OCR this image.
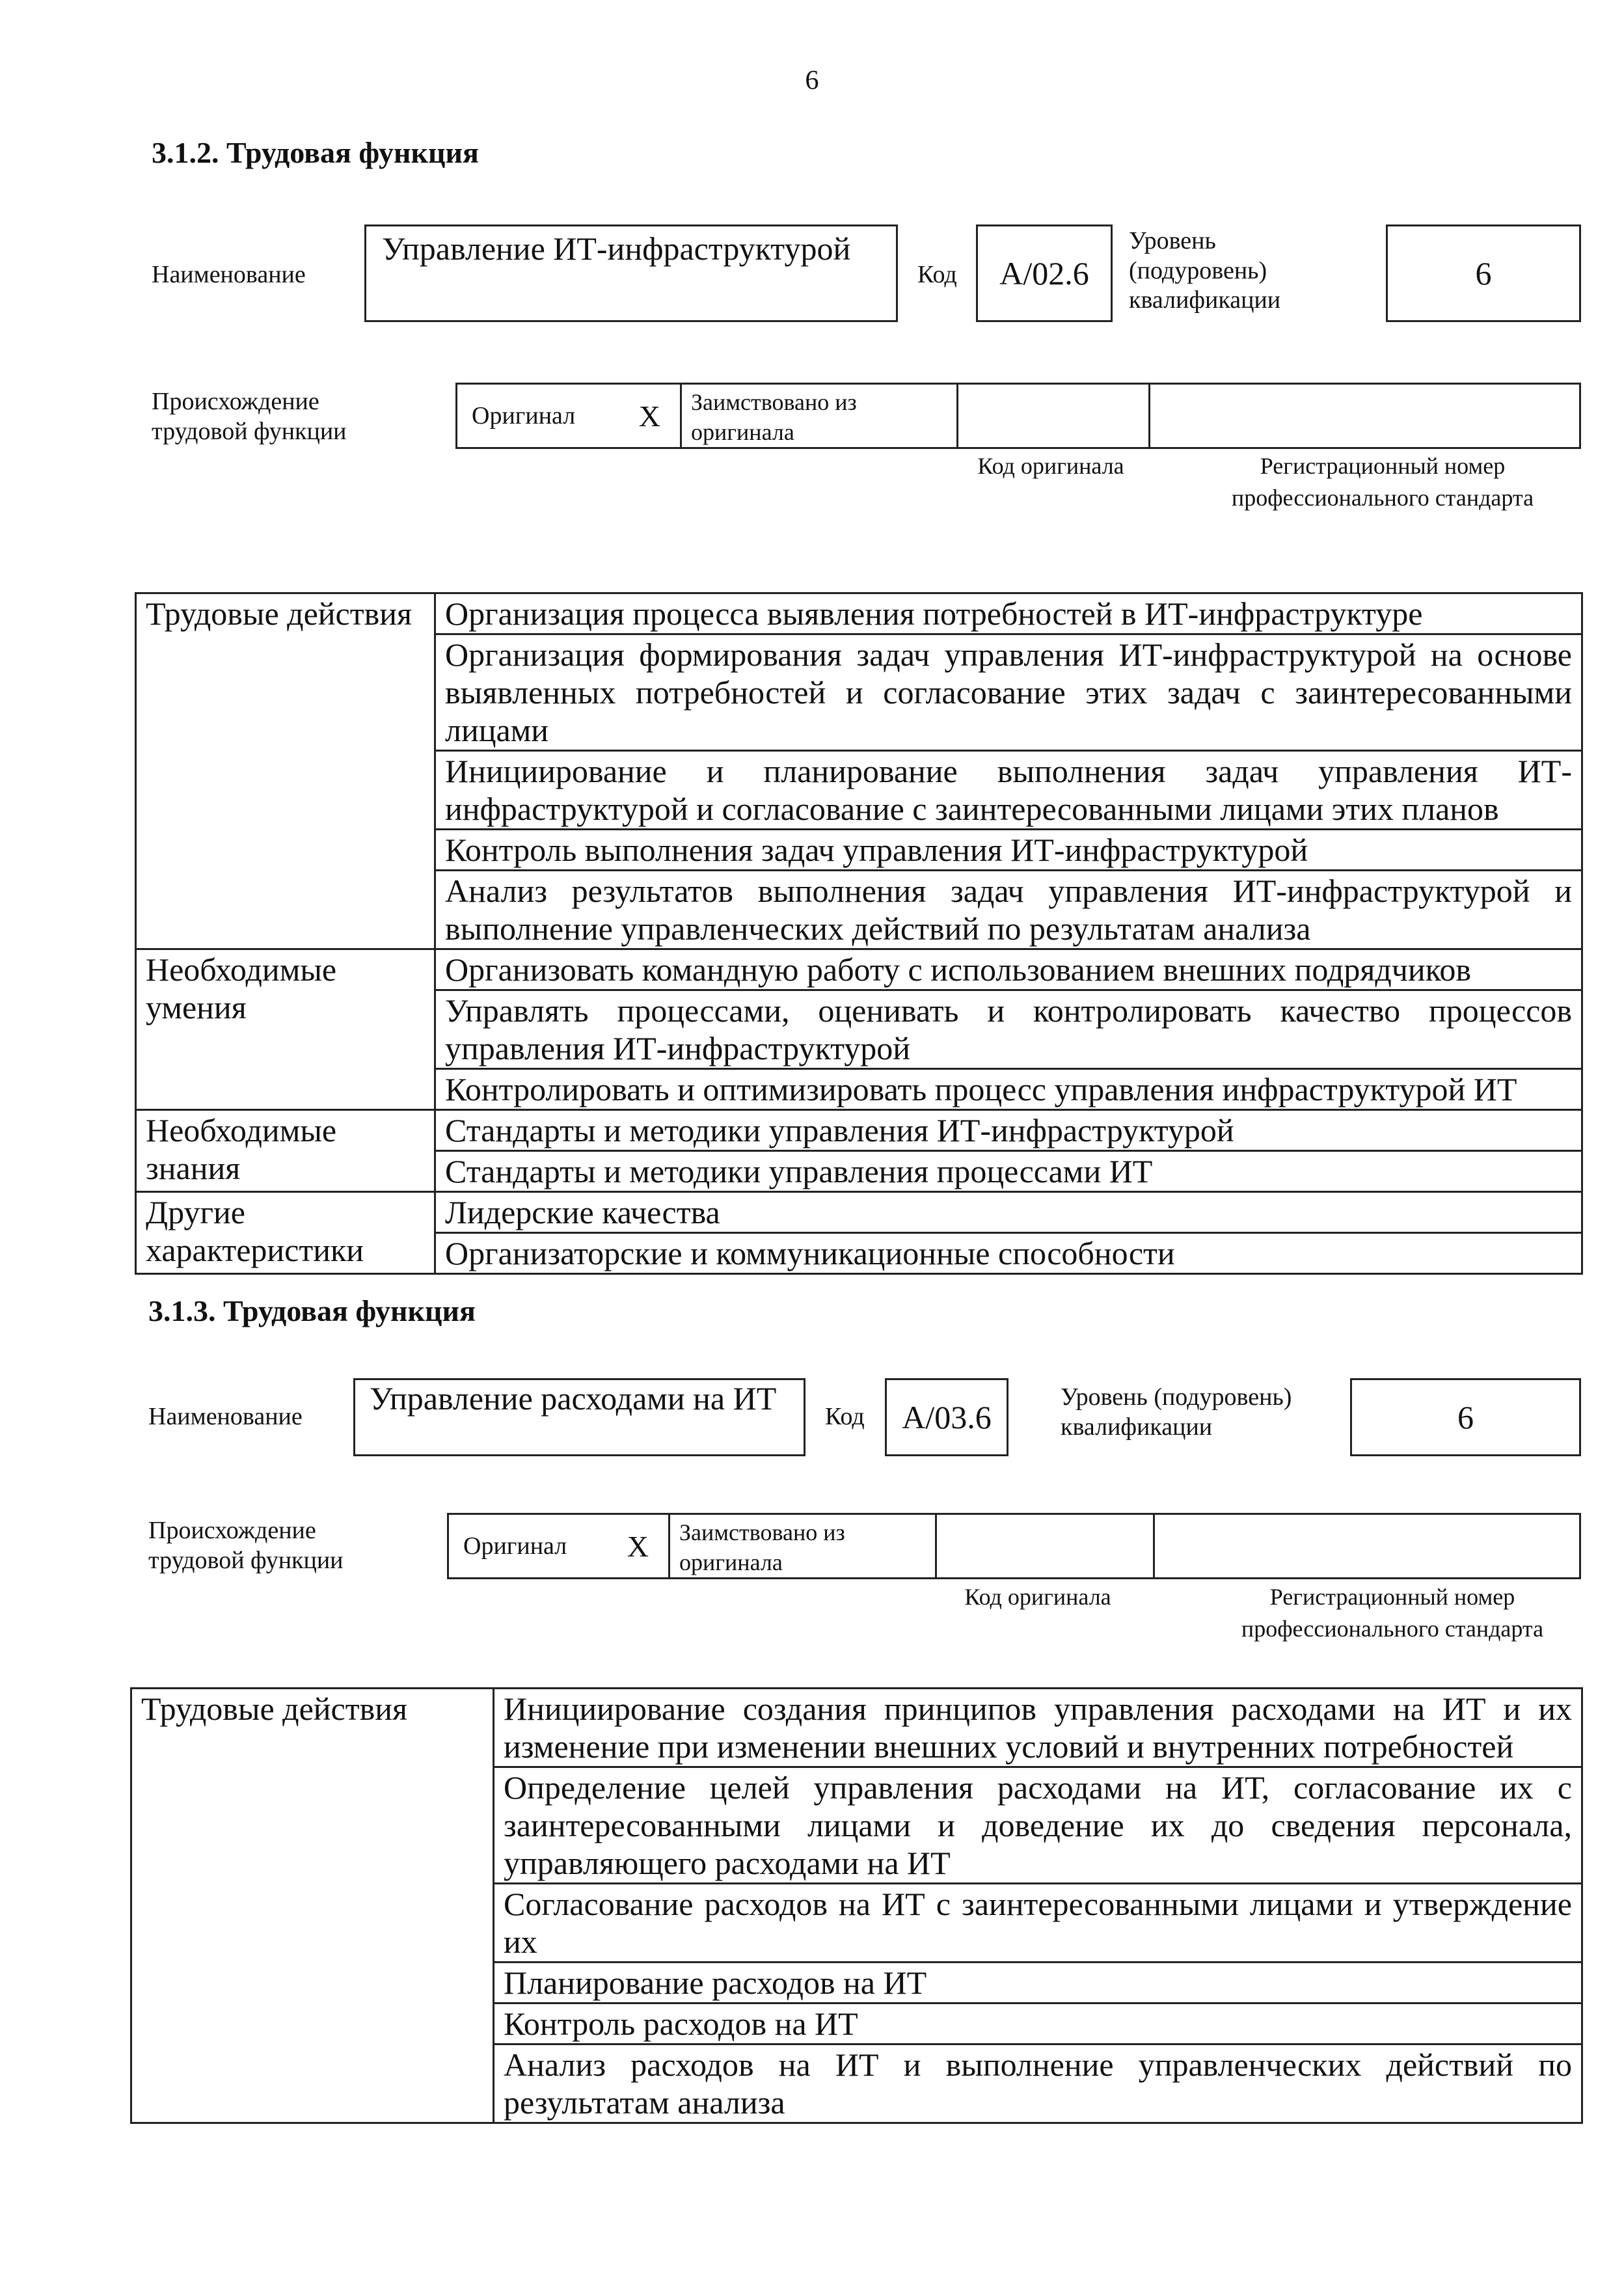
6
3.1.2. Трудовая функция
Наименование
Управление ИТ-инфраструктурой
Код	А/02.6
Уровень (подуровень) квалификации
6
Происхождение трудовой функции
Оригинал X	Заимствовано из оригинала
Код оригинала	Регистрационный номер профессионального стандарта
Трудовые действия	Организация процесса выявления потребностей в ИТ-инфраструктуре
	Организация формирования задач управления ИТ-инфраструктурой на основе выявленных потребностей и согласование этих задач с заинтересованными лицами
	Инициирование и планирование выполнения задач управления ИТ-инфраструктурой и согласование с заинтересованными лицами этих планов
	Контроль выполнения задач управления ИТ-инфраструктурой
	Анализ результатов выполнения задач управления ИТ-инфраструктурой и выполнение управленческих действий по результатам анализа
Необходимые умения	Организовать командную работу с использованием внешних подрядчиков
	Управлять процессами, оценивать и контролировать качество процессов управления ИТ-инфраструктурой
	Контролировать и оптимизировать процесс управления инфраструктурой ИТ
Необходимые знания	Стандарты и методики управления ИТ-инфраструктурой
	Стандарты и методики управления процессами ИТ
Другие характеристики	Лидерские качества
	Организаторские и коммуникационные способности
3.1.3. Трудовая функция
Наименование	Управление расходами на ИТ	Код	А/03.6
Уровень (подуровень) квалификации	6
Происхождение трудовой функции
Оригинал X	Заимствовано из оригинала
Код оригинала	Регистрационный номер профессионального стандарта
Трудовые действия	Инициирование создания принципов управления расходами на ИТ и их изменение при изменении внешних условий и внутренних потребностей
Определение целей управления расходами на ИТ, согласование их с заинтересованными лицами и доведение их до сведения персонала, управляющего расходами на ИТ
Согласование расходов на ИТ с заинтересованными лицами и утверждение их
Планирование расходов на ИТ
Контроль расходов на ИТ
Анализ расходов на ИТ и выполнение управленческих действий по результатам анализа
